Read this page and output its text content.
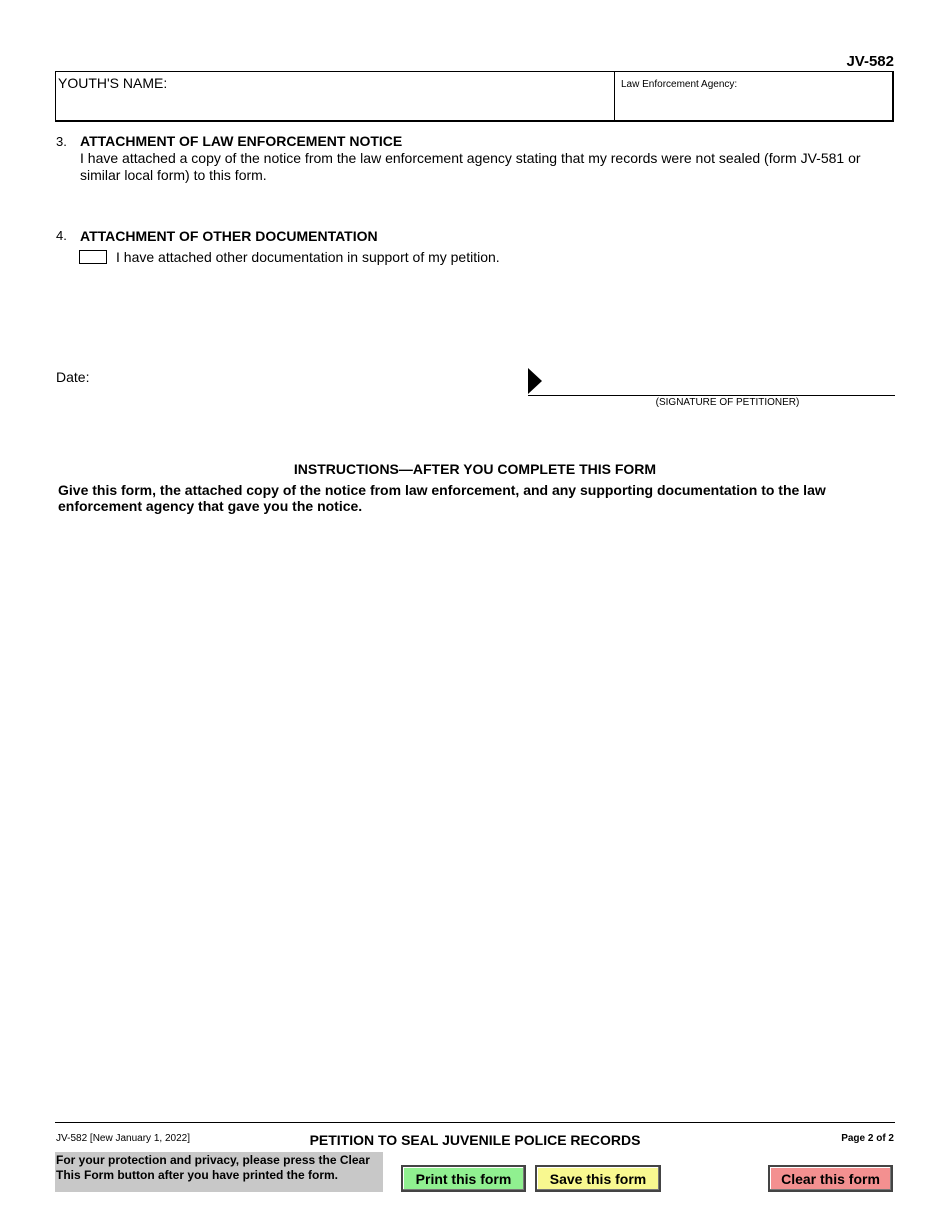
JV-582
YOUTH'S NAME:	Law Enforcement Agency:
3. ATTACHMENT OF LAW ENFORCEMENT NOTICE
I have attached a copy of the notice from the law enforcement agency stating that my records were not sealed (form JV-581 or similar local form) to this form.
4. ATTACHMENT OF OTHER DOCUMENTATION
I have attached other documentation in support of my petition.
Date:
(SIGNATURE OF PETITIONER)
INSTRUCTIONS—AFTER YOU COMPLETE THIS FORM
Give this form, the attached copy of the notice from law enforcement, and any supporting documentation to the law enforcement agency that gave you the notice.
JV-582 [New January 1, 2022]	PETITION TO SEAL JUVENILE POLICE RECORDS	Page 2 of 2
For your protection and privacy, please press the Clear This Form button after you have printed the form.	Print this form	Save this form	Clear this form
